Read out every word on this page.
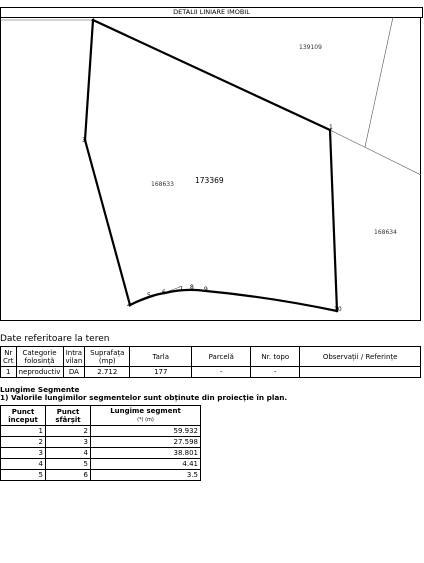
DETALII LINIARE IMOBIL
1
2
3
4
5 6 7 8 9
10
173369
139109
168633
168634
Date referitoare la teren
Nr Crt	Categorie folosință	Intra vilan	Suprafața (mp)	Tarla	Parcelă	Nr. topo	Observații / Referințe
1	neproductiv	DA	2.712	177	-	-	
Lungime Segmente
1) Valorile lungimilor segmentelor sunt obținute din proiecție în plan.
Punct început	Punct sfârșit	Lungime segment
(*) (m)
1	2	59.932
2	3	27.598
3	4	38.801
4	5	4.41
5	6	3.5
